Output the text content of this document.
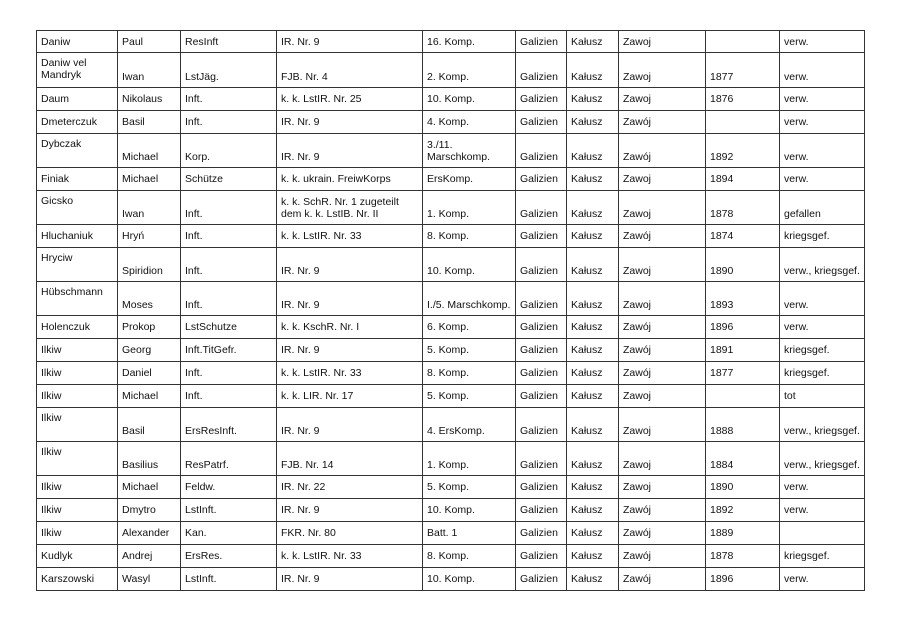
Daniw	Paul	ResInft	IR. Nr. 9	16. Komp.	Galizien	Kałusz	Zawoj		verw.
Daniw vel Mandryk	Iwan	LstJäg.	FJB. Nr. 4	2. Komp.	Galizien	Kałusz	Zawoj	1877	verw.
Daum	Nikolaus	Inft.	k. k. LstIR. Nr. 25	10. Komp.	Galizien	Kałusz	Zawoj	1876	verw.
Dmeterczuk	Basil	Inft.	IR. Nr. 9	4. Komp.	Galizien	Kałusz	Zawój		verw.
Dybczak	Michael	Korp.	IR. Nr. 9	3./11. Marschkomp.	Galizien	Kałusz	Zawój	1892	verw.
Finiak	Michael	Schütze	k. k. ukrain. FreiwKorps	ErsKomp.	Galizien	Kałusz	Zawoj	1894	verw.
Gicsko	Iwan	Inft.	k. k. SchR. Nr. 1 zugeteilt dem k. k. LstIB. Nr. II	1. Komp.	Galizien	Kałusz	Zawoj	1878	gefallen
Hluchaniuk	Hryń	Inft.	k. k. LstIR. Nr. 33	8. Komp.	Galizien	Kałusz	Zawój	1874	kriegsgef.
Hryciw	Spiridion	Inft.	IR. Nr. 9	10. Komp.	Galizien	Kałusz	Zawoj	1890	verw., kriegsgef.
Hübschmann	Moses	Inft.	IR. Nr. 9	I./5. Marschkomp.	Galizien	Kałusz	Zawoj	1893	verw.
Holenczuk	Prokop	LstSchutze	k. k. KschR. Nr. I	6. Komp.	Galizien	Kałusz	Zawój	1896	verw.
Ilkiw	Georg	Inft.TitGefr.	IR. Nr. 9	5. Komp.	Galizien	Kałusz	Zawój	1891	kriegsgef.
Ilkiw	Daniel	Inft.	k. k. LstIR. Nr. 33	8. Komp.	Galizien	Kałusz	Zawój	1877	kriegsgef.
Ilkiw	Michael	Inft.	k. k. LIR. Nr. 17	5. Komp.	Galizien	Kałusz	Zawoj		tot
Ilkiw	Basil	ErsResInft.	IR. Nr. 9	4. ErsKomp.	Galizien	Kałusz	Zawoj	1888	verw., kriegsgef.
Ilkiw	Basilius	ResPatrf.	FJB. Nr. 14	1. Komp.	Galizien	Kałusz	Zawoj	1884	verw., kriegsgef.
Ilkiw	Michael	Feldw.	IR. Nr. 22	5. Komp.	Galizien	Kałusz	Zawoj	1890	verw.
Ilkiw	Dmytro	LstInft.	IR. Nr. 9	10. Komp.	Galizien	Kałusz	Zawój	1892	verw.
Ilkiw	Alexander	Kan.	FKR. Nr. 80	Batt. 1	Galizien	Kałusz	Zawój	1889	
Kudlyk	Andrej	ErsRes.	k. k. LstIR. Nr. 33	8. Komp.	Galizien	Kałusz	Zawój	1878	kriegsgef.
Karszowski	Wasyl	LstInft.	IR. Nr. 9	10. Komp.	Galizien	Kałusz	Zawój	1896	verw.
